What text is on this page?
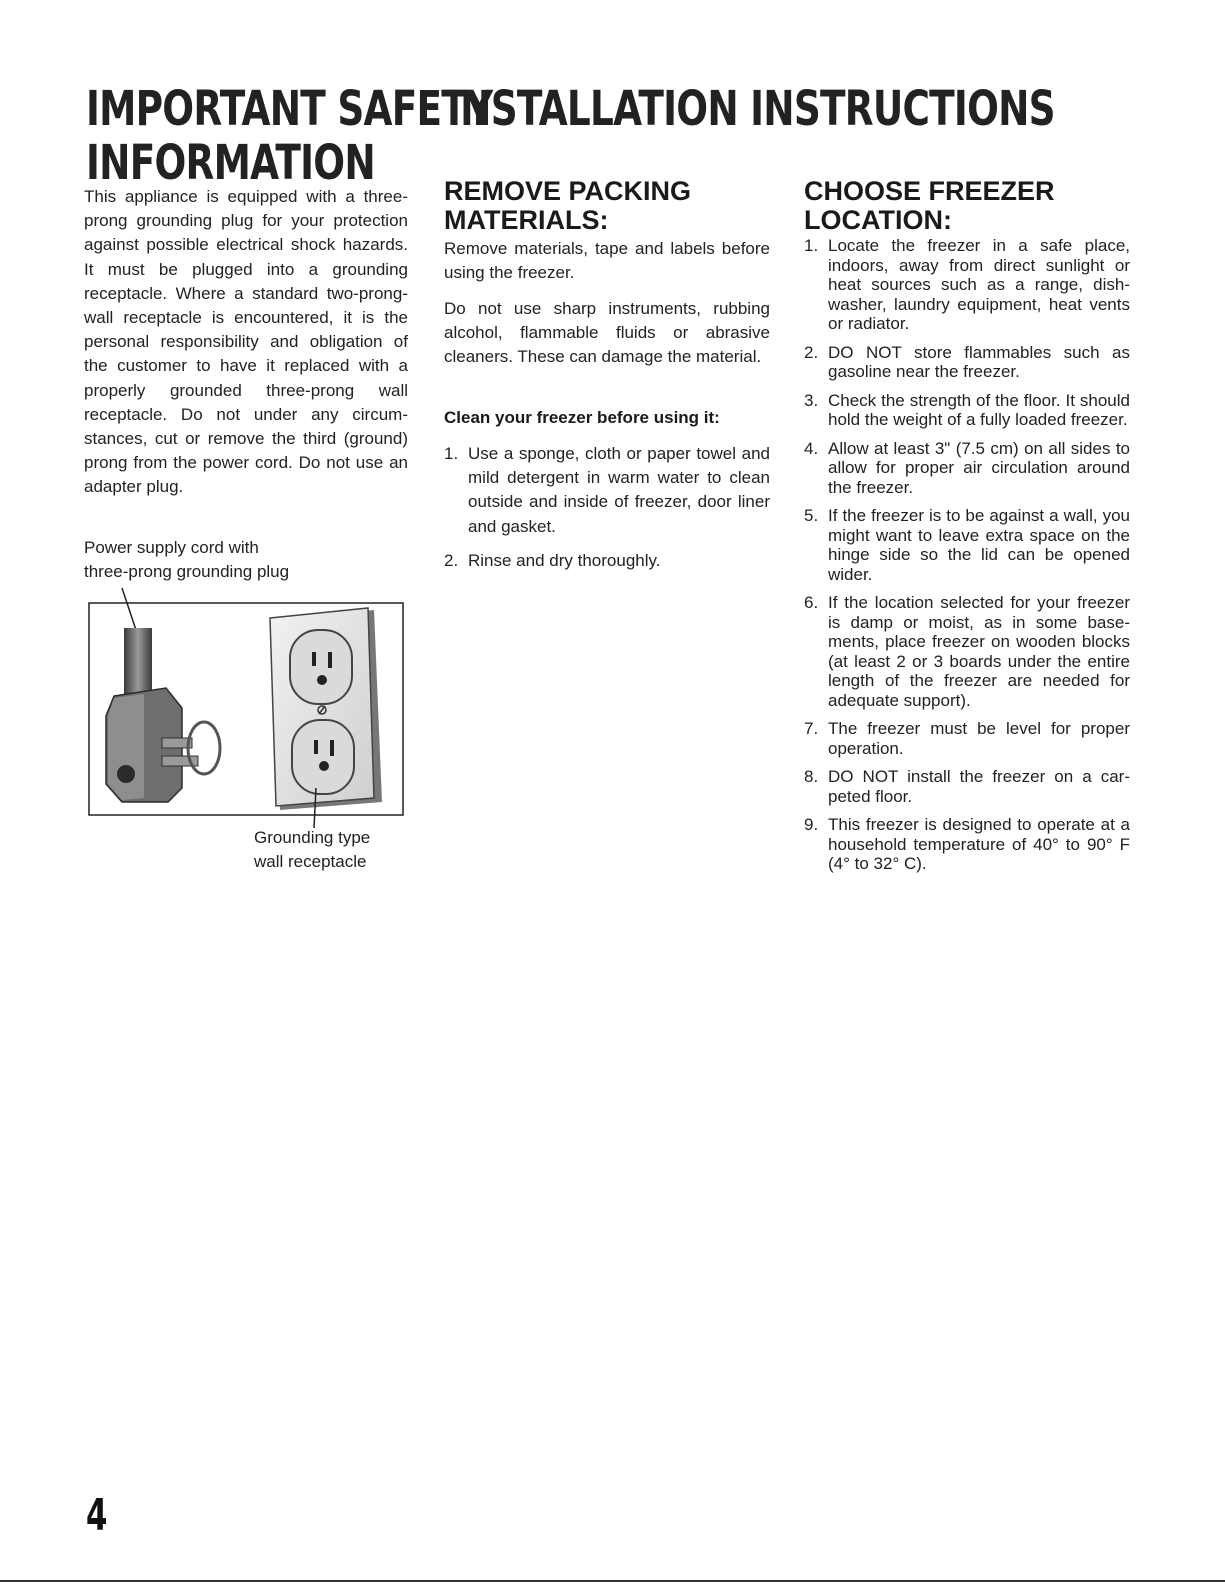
IMPORTANT SAFETY
INFORMATION
INSTALLATION INSTRUCTIONS

This appliance is equipped with a three-prong grounding plug for your protection against possible electrical shock hazards. It must be plugged into a grounding receptacle. Where a standard two-prong-wall receptacle is encountered, it is the personal responsibility and obligation of the customer to have it replaced with a properly grounded three-prong wall receptacle. Do not under any circum-stances, cut or remove the third (ground) prong from the power cord. Do not use an adapter plug.

Power supply cord with
three-prong grounding plug
Grounding type
wall receptacle
REMOVE PACKING
MATERIALS:

Remove materials, tape and labels before using the freezer.

Do not use sharp instruments, rubbing alcohol, flammable fluids or abrasive cleaners. These can damage the material.

Clean your freezer before using it:
1. Use a sponge, cloth or paper towel and mild detergent in warm water to clean outside and inside of freezer, door liner and gasket.
2. Rinse and dry thoroughly.
CHOOSE FREEZER
LOCATION:
1. Locate the freezer in a safe place, indoors, away from direct sunlight or heat sources such as a range, dish-washer, laundry equipment, heat vents or radiator.
2. DO NOT store flammables such as gasoline near the freezer.
3. Check the strength of the floor. It should hold the weight of a fully loaded freezer.
4. Allow at least 3" (7.5 cm) on all sides to allow for proper air circulation around the freezer.
5. If the freezer is to be against a wall, you might want to leave extra space on the hinge side so the lid can be opened wider.
6. If the location selected for your freezer is damp or moist, as in some base-ments, place freezer on wooden blocks (at least 2 or 3 boards under the entire length of the freezer are needed for adequate support).
7. The freezer must be level for proper operation.
8. DO NOT install the freezer on a car-peted floor.
9. This freezer is designed to operate at a household temperature of 40° to 90° F (4° to 32° C).
4
